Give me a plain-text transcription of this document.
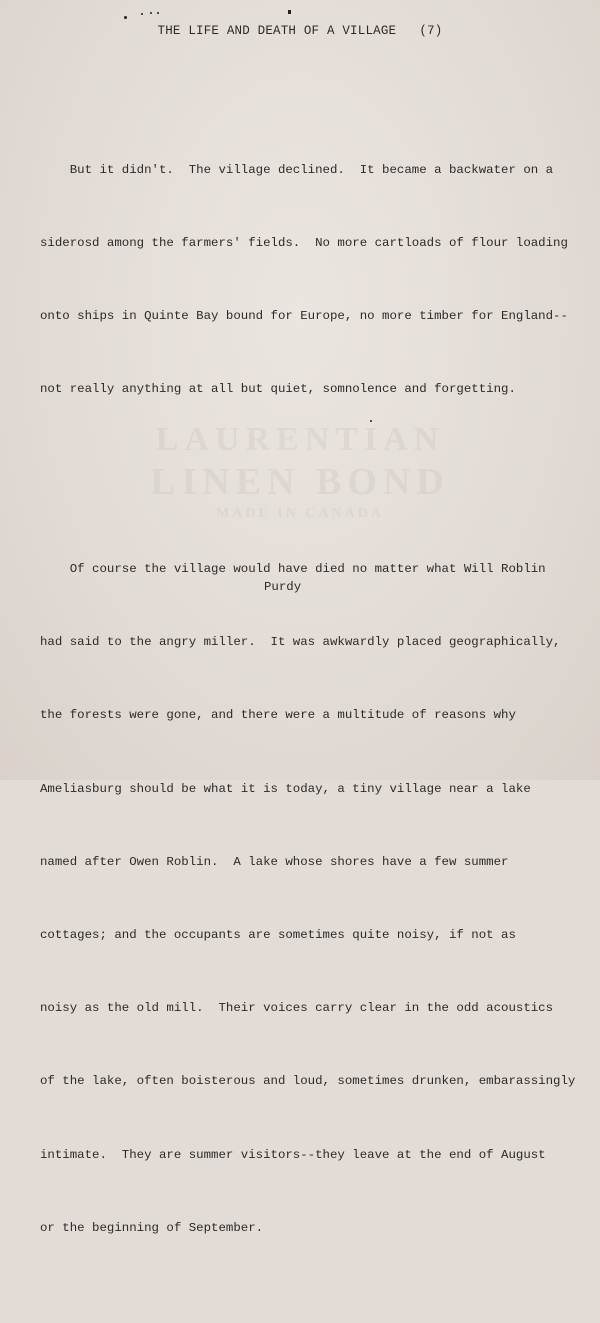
THE LIFE AND DEATH OF A VILLAGE (7)

But it didn't.  The village declined.  It became a backwater on a

siderosd among the farmers' fields.  No more cartloads of flour loading

onto ships in Quinte Bay bound for Europe, no more timber for England--

not really anything at all but quiet, somnolence and forgetting.

Of course the village would have died no matter what Will Roblin

had said to the angry miller.  It was awkwardly placed geographically,

the forests were gone, and there were a multitude of reasons why

Ameliasburg should be what it is today, a tiny village near a lake

named after Owen Roblin.  A lake whose shores have a few summer

cottages; and the occupants are sometimes quite noisy, if not as

noisy as the old mill.  Their voices carry clear in the odd acoustics

of the lake, often boisterous and loud, sometimes drunken, embarassingly

intimate.  They are summer visitors--they leave at the end of August

or the beginning of September.

Purdy
